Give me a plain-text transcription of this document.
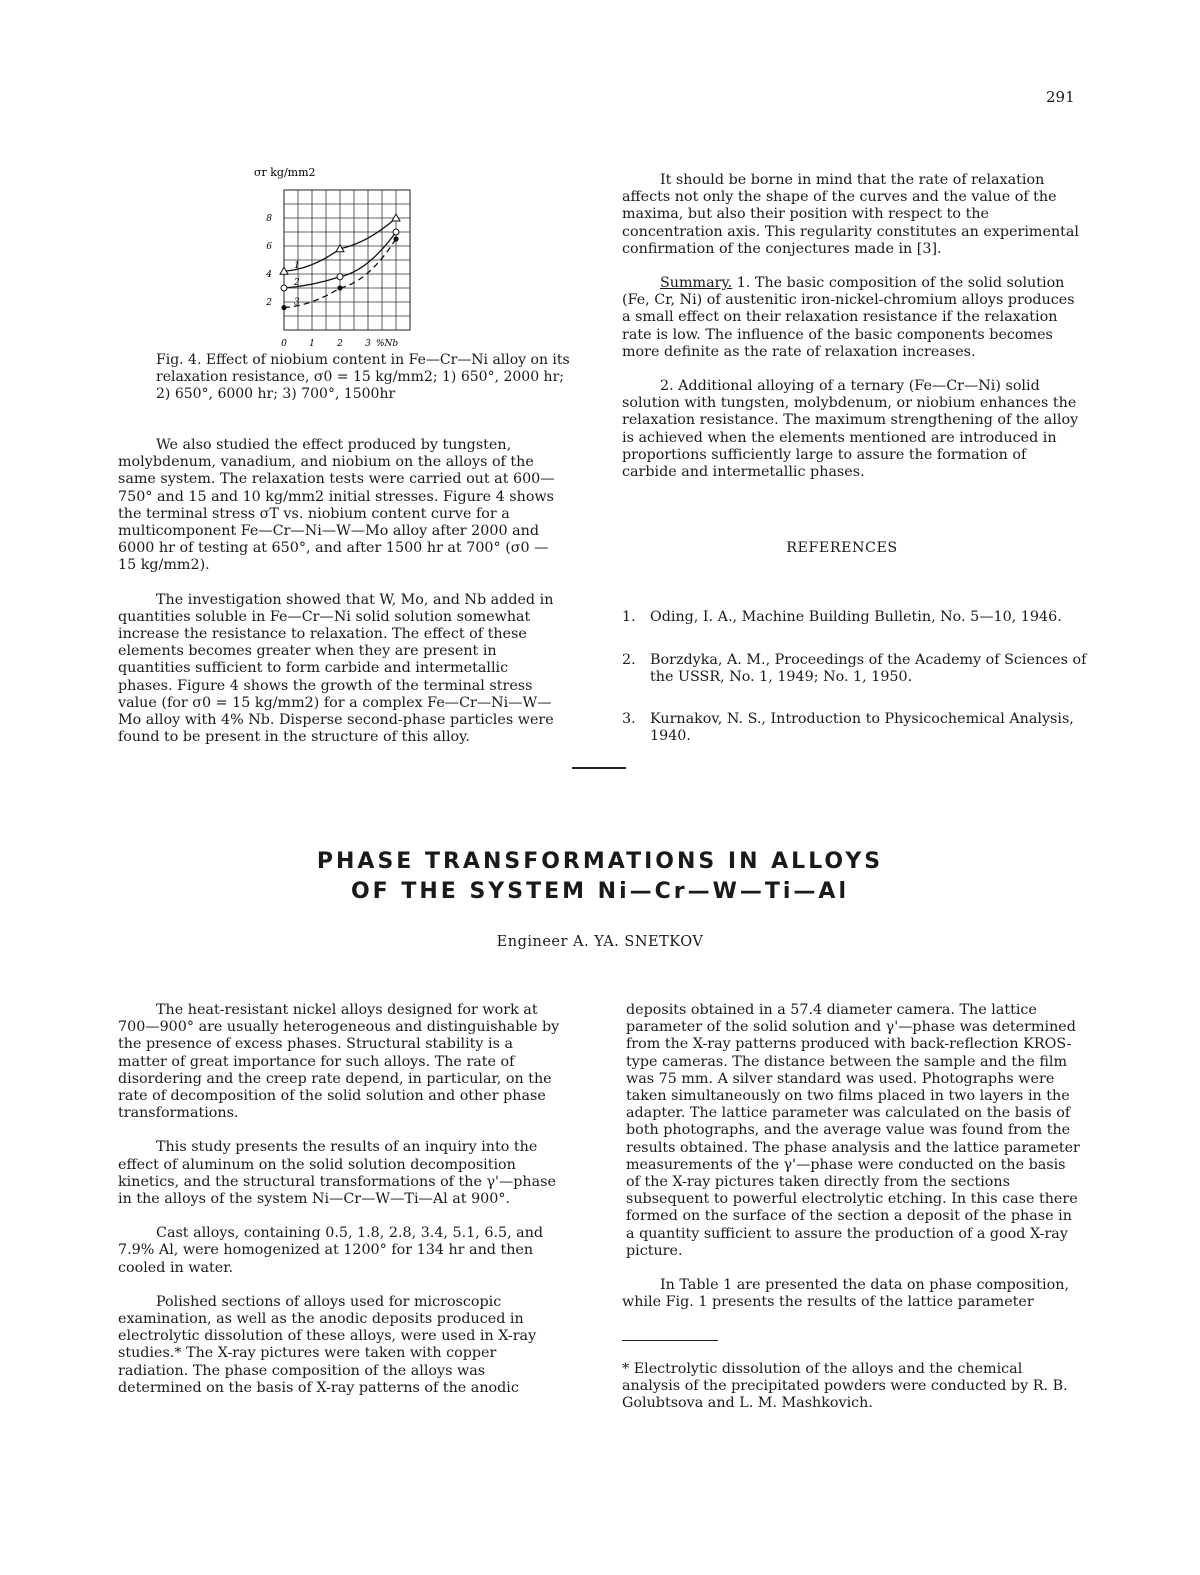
291
2
4
6
8
0 1 2 3 %Nb
σr kg/mm2
1
2
3
Fig. 4. Effect of niobium content in Fe—Cr—Ni alloy on its relaxation resistance, σ0 = 15 kg/mm2; 1) 650°, 2000 hr; 2) 650°, 6000 hr; 3) 700°, 1500hr

We also studied the effect produced by tungsten, molybdenum, vanadium, and niobium on the alloys of the same system. The relaxation tests were carried out at 600—750° and 15 and 10 kg/mm2 initial stresses. Figure 4 shows the terminal stress σT vs. niobium content curve for a multicomponent Fe—Cr—Ni—W—Mo alloy after 2000 and 6000 hr of testing at 650°, and after 1500 hr at 700° (σ0 — 15 kg/mm2).

The investigation showed that W, Mo, and Nb added in quantities soluble in Fe—Cr—Ni solid solution somewhat increase the resistance to relaxation. The effect of these elements becomes greater when they are present in quantities sufficient to form carbide and intermetallic phases. Figure 4 shows the growth of the terminal stress value (for σ0 = 15 kg/mm2) for a complex Fe—Cr—Ni—W—Mo alloy with 4% Nb. Disperse second-phase particles were found to be present in the structure of this alloy.

It should be borne in mind that the rate of relaxation affects not only the shape of the curves and the value of the maxima, but also their position with respect to the concentration axis. This regularity constitutes an experimental confirmation of the conjectures made in [3].

Summary. 1. The basic composition of the solid solution (Fe, Cr, Ni) of austenitic iron-nickel-chromium alloys produces a small effect on their relaxation resistance if the relaxation rate is low. The influence of the basic components becomes more definite as the rate of relaxation increases.

2. Additional alloying of a ternary (Fe—Cr—Ni) solid solution with tungsten, molybdenum, or niobium enhances the relaxation resistance. The maximum strengthening of the alloy is achieved when the elements mentioned are introduced in proportions sufficiently large to assure the formation of carbide and intermetallic phases.

REFERENCES
1.	Oding, I. A., Machine Building Bulletin, No. 5—10, 1946.
2.	Borzdyka, A. M., Proceedings of the Academy of Sciences of the USSR, No. 1, 1949; No. 1, 1950.
3.	Kurnakov, N. S., Introduction to Physicochemical Analysis, 1940.
PHASE TRANSFORMATIONS IN ALLOYS
OF THE SYSTEM Ni—Cr—W—Ti—Al
Engineer A. YA. SNETKOV

The heat-resistant nickel alloys designed for work at 700—900° are usually heterogeneous and distinguishable by the presence of excess phases. Structural stability is a matter of great importance for such alloys. The rate of disordering and the creep rate depend, in particular, on the rate of decomposition of the solid solution and other phase transformations.

This study presents the results of an inquiry into the effect of aluminum on the solid solution decomposition kinetics, and the structural transformations of the γ'—phase in the alloys of the system Ni—Cr—W—Ti—Al at 900°.

Cast alloys, containing 0.5, 1.8, 2.8, 3.4, 5.1, 6.5, and 7.9% Al, were homogenized at 1200° for 134 hr and then cooled in water.

Polished sections of alloys used for microscopic examination, as well as the anodic deposits produced in electrolytic dissolution of these alloys, were used in X-ray studies.* The X-ray pictures were taken with copper radiation. The phase composition of the alloys was determined on the basis of X-ray patterns of the anodic

deposits obtained in a 57.4 diameter camera. The lattice parameter of the solid solution and γ'—phase was determined from the X-ray patterns produced with back-reflection KROS-type cameras. The distance between the sample and the film was 75 mm. A silver standard was used. Photographs were taken simultaneously on two films placed in two layers in the adapter. The lattice parameter was calculated on the basis of both photographs, and the average value was found from the results obtained. The phase analysis and the lattice parameter measurements of the γ'—phase were conducted on the basis of the X-ray pictures taken directly from the sections subsequent to powerful electrolytic etching. In this case there formed on the surface of the section a deposit of the phase in a quantity sufficient to assure the production of a good X-ray picture.

In Table 1 are presented the data on phase composition, while Fig. 1 presents the results of the lattice parameter

* Electrolytic dissolution of the alloys and the chemical analysis of the precipitated powders were conducted by R. B. Golubtsova and L. M. Mashkovich.
